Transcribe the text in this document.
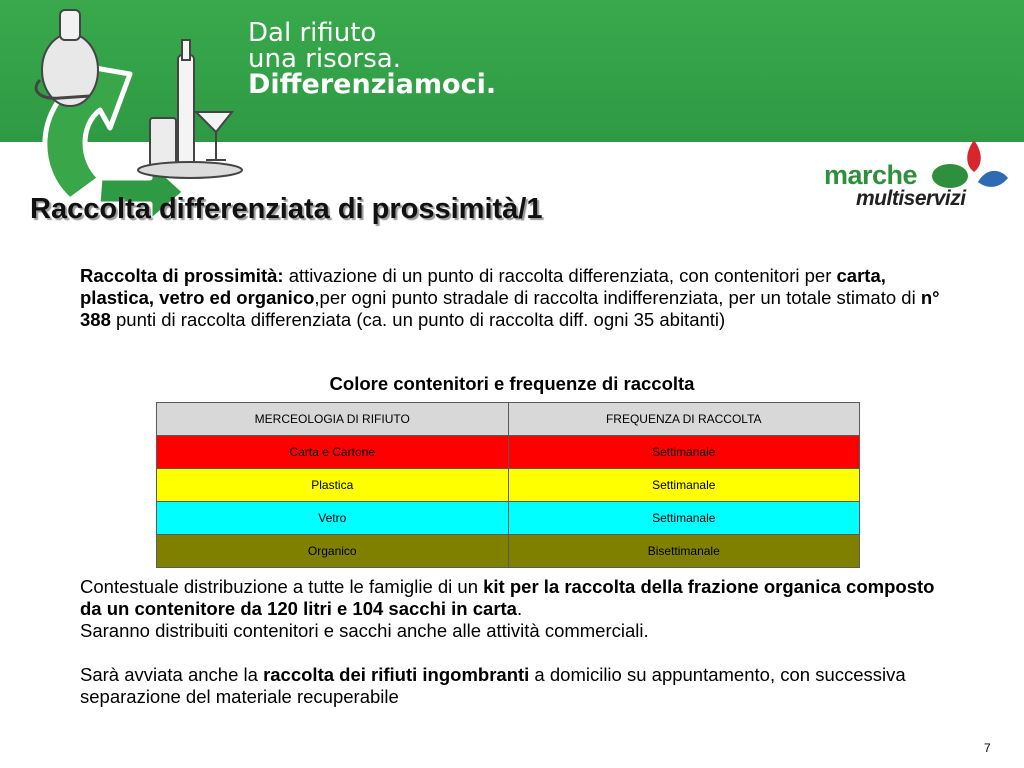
Dal rifiuto
una risorsa.
Differenziamoci.
marche
multiservizi
Raccolta differenziata di prossimità/1
Raccolta di prossimità: attivazione di un punto di raccolta differenziata, con contenitori per carta, plastica, vetro ed organico,per ogni punto stradale di raccolta indifferenziata, per un totale stimato di n° 388 punti di raccolta differenziata (ca. un punto di raccolta diff. ogni 35 abitanti)
Colore contenitori e frequenze di raccolta
MERCEOLOGIA DI RIFIUTO	FREQUENZA DI RACCOLTA
Carta e Cartone	Settimanale
Plastica	Settimanale
Vetro	Settimanale
Organico	Bisettimanale
Contestuale distribuzione a tutte le famiglie di un kit per la raccolta della frazione organica composto da un contenitore da 120 litri e 104 sacchi in carta.
Saranno distribuiti contenitori e sacchi anche alle attività commerciali.
Sarà avviata anche la raccolta dei rifiuti ingombranti a domicilio su appuntamento, con successiva separazione del materiale recuperabile
7
